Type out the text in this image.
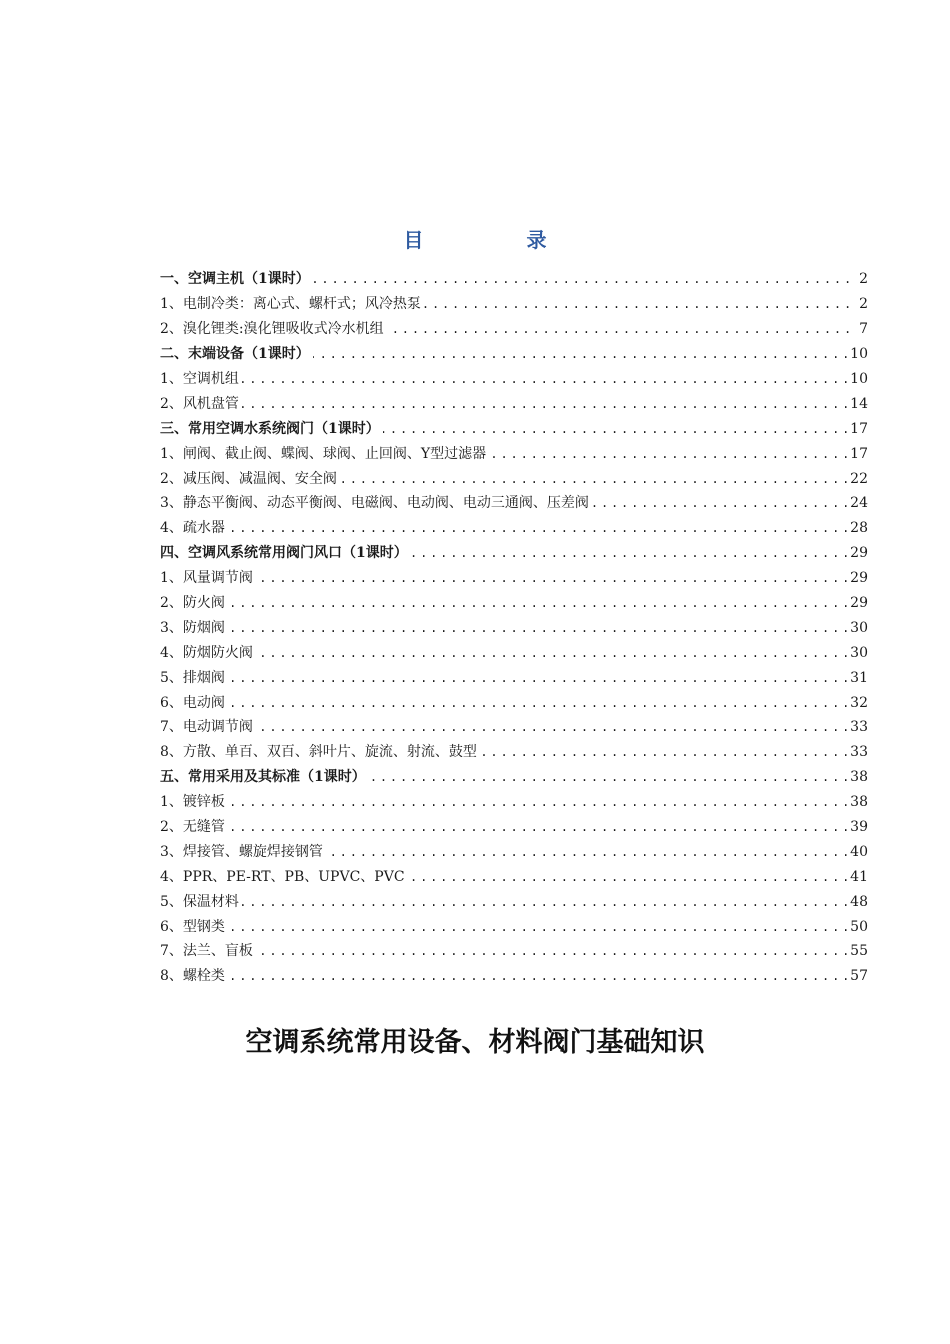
目 录
一、空调主机（1课时） . . .	2
1、电制冷类：离心式、螺杆式；风冷热泵 . . .	2
2、溴化锂类:溴化锂吸收式冷水机组 . . .	7
二、末端设备（1课时） . . .	10
1、空调机组 . . .	10
2、风机盘管 . . .	14
三、常用空调水系统阀门（1课时） . . .	17
1、闸阀、截止阀、蝶阀、球阀、止回阀、Y型过滤器 . . .	17
2、减压阀、减温阀、安全阀 . . .	22
3、静态平衡阀、动态平衡阀、电磁阀、电动阀、电动三通阀、压差阀 . . .	24
4、疏水器 . . .	28
四、空调风系统常用阀门风口（1课时） . . .	29
1、风量调节阀 . . .	29
2、防火阀 . . .	29
3、防烟阀 . . .	30
4、防烟防火阀 . . .	30
5、排烟阀 . . .	31
6、电动阀 . . .	32
7、电动调节阀 . . .	33
8、方散、单百、双百、斜叶片、旋流、射流、鼓型 . . .	33
五、常用采用及其标准（1课时） . . .	38
1、镀锌板 . . .	38
2、无缝管 . . .	39
3、焊接管、螺旋焊接钢管 . . .	40
4、PPR、PE-RT、PB、UPVC、PVC . . .	41
5、保温材料 . . .	48
6、型钢类 . . .	50
7、法兰、盲板 . . .	55
8、螺栓类 . . .	57
空调系统常用设备、材料阀门基础知识
